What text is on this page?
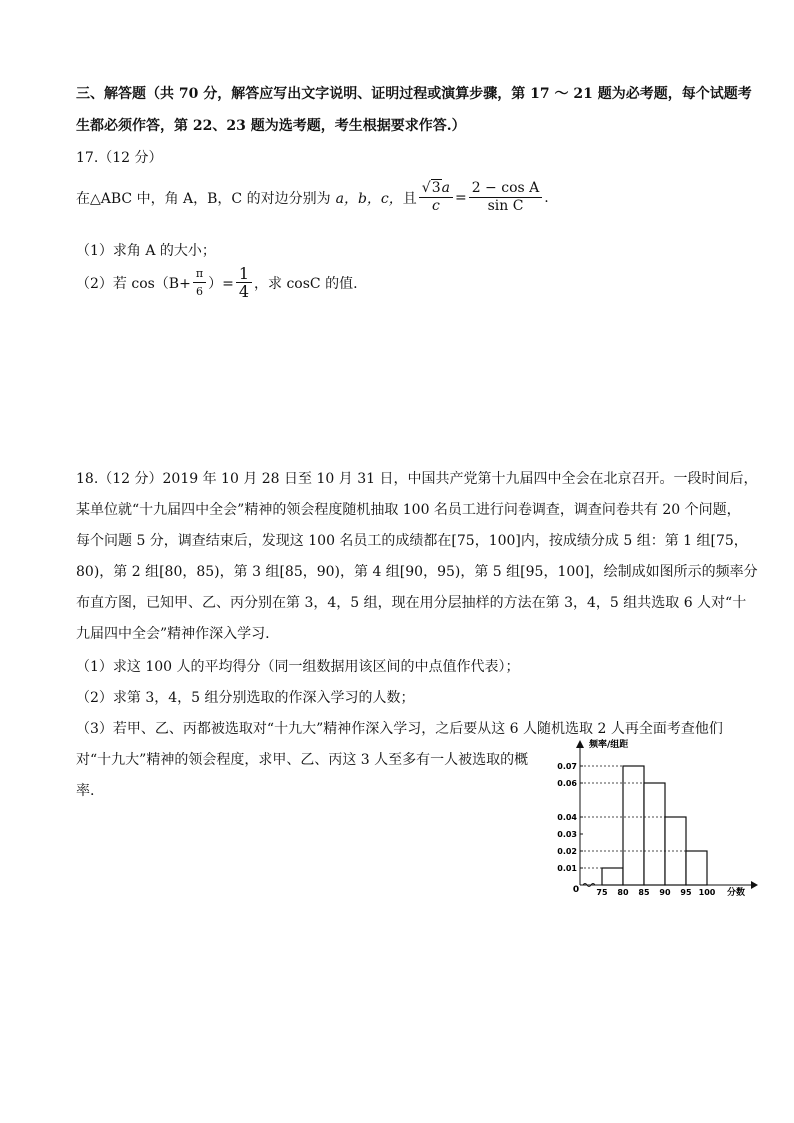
三、解答题（共 70 分，解答应写出文字说明、证明过程或演算步骤，第 17 ～ 21 题为必考题，每个试题考
生都必须作答，第 22、23 题为选考题，考生根据要求作答.）
17.（12 分）
在△ABC 中，角 A，B，C 的对边分别为 a，b，c， 且 $\frac{√3a}{c} = \frac{\text{2 − cos A}}{\text{sin C}}$ .
（1）求角 A 的大小；
（2）若 $\cos(B+ \frac{\pi}{6}$ ）= $\frac{1}{4}$ ，求 cosC 的值.
18.（12 分）2019 年 10 月 28 日至 10 月 31 日，中国共产党第十九届四中全会在北京召开。一段时间后，
某单位就“十九届四中全会”精神的领会程度随机抽取 100 名员工进行问卷调查，调查问卷共有 20 个问题，
每个问题 5 分，调查结束后，发现这 100 名员工的成绩都在[75，100]内，按成绩分成 5 组：第 1 组[75，
80)，第 2 组[80，85)，第 3 组[85，90)，第 4 组[90，95)，第 5 组[95，100]，绘制成如图所示的频率分
布直方图，已知甲、乙、丙分别在第 3，4，5 组，现在用分层抽样的方法在第 3，4，5 组共选取 6 人对“十
九届四中全会”精神作深入学习.
（1）求这 100 人的平均得分（同一组数据用该区间的中点值作代表）；
（2）求第 3，4，5 组分别选取的作深入学习的人数；
（3）若甲、乙、丙都被选取对“十九大”精神作深入学习，之后要从这 6 人随机选取 2 人再全面考查他们
对“十九大”精神的领会程度，求甲、乙、丙这 3 人至多有一人被选取的概
率.
频率/组距
分数
0
0.01
0.02
0.03
0.04
0.06
0.07
75 80 85 90 95 100
